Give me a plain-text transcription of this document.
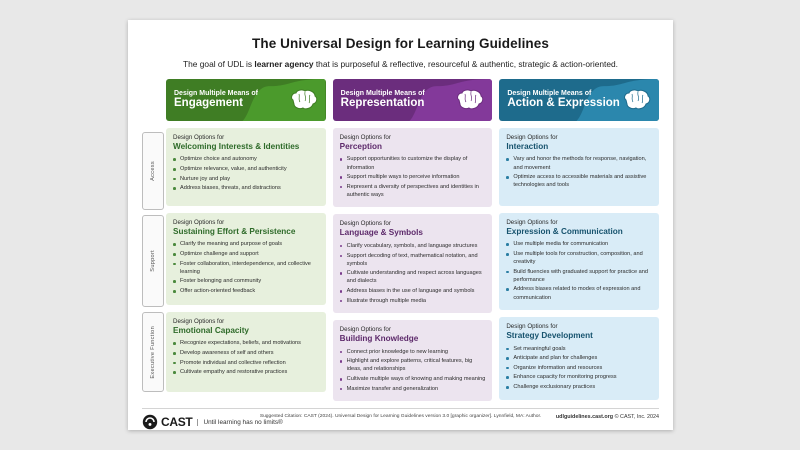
The Universal Design for Learning Guidelines
The goal of UDL is learner agency that is purposeful & reflective, resourceful & authentic, strategic & action-oriented.
Access
Support
Executive Function
Design Multiple Means of
Engagement
Design Options for
Welcoming Interests & Identities
Optimize choice and autonomy
Optimize relevance, value, and authenticity
Nurture joy and play
Address biases, threats, and distractions
Design Options for
Sustaining Effort & Persistence
Clarify the meaning and purpose of goals
Optimize challenge and support
Foster collaboration, interdependence, and collective learning
Foster belonging and community
Offer action-oriented feedback
Design Options for
Emotional Capacity
Recognize expectations, beliefs, and motivations
Develop awareness of self and others
Promote individual and collective reflection
Cultivate empathy and restorative practices
Design Multiple Means of
Representation
Design Options for
Perception
Support opportunities to customize the display of information
Support multiple ways to perceive information
Represent a diversity of perspectives and identities in authentic ways
Design Options for
Language & Symbols
Clarify vocabulary, symbols, and language structures
Support decoding of text, mathematical notation, and symbols
Cultivate understanding and respect across languages and dialects
Address biases in the use of language and symbols
Illustrate through multiple media
Design Options for
Building Knowledge
Connect prior knowledge to new learning
Highlight and explore patterns, critical features, big ideas, and relationships
Cultivate multiple ways of knowing and making meaning
Maximize transfer and generalization
Design Multiple Means of
Action & Expression
Design Options for
Interaction
Vary and honor the methods for response, navigation, and movement
Optimize access to accessible materials and assistive technologies and tools
Design Options for
Expression & Communication
Use multiple media for communication
Use multiple tools for construction, composition, and creativity
Build fluencies with graduated support for practice and performance
Address biases related to modes of expression and communication
Design Options for
Strategy Development
Set meaningful goals
Anticipate and plan for challenges
Organize information and resources
Enhance capacity for monitoring progress
Challenge exclusionary practices
CAST	Until learning has no limits®
udlguidelines.cast.org © CAST, Inc. 2024
Suggested Citation: CAST (2024). Universal Design for Learning Guidelines version 3.0 [graphic organizer]. Lynnfield, MA: Author.
